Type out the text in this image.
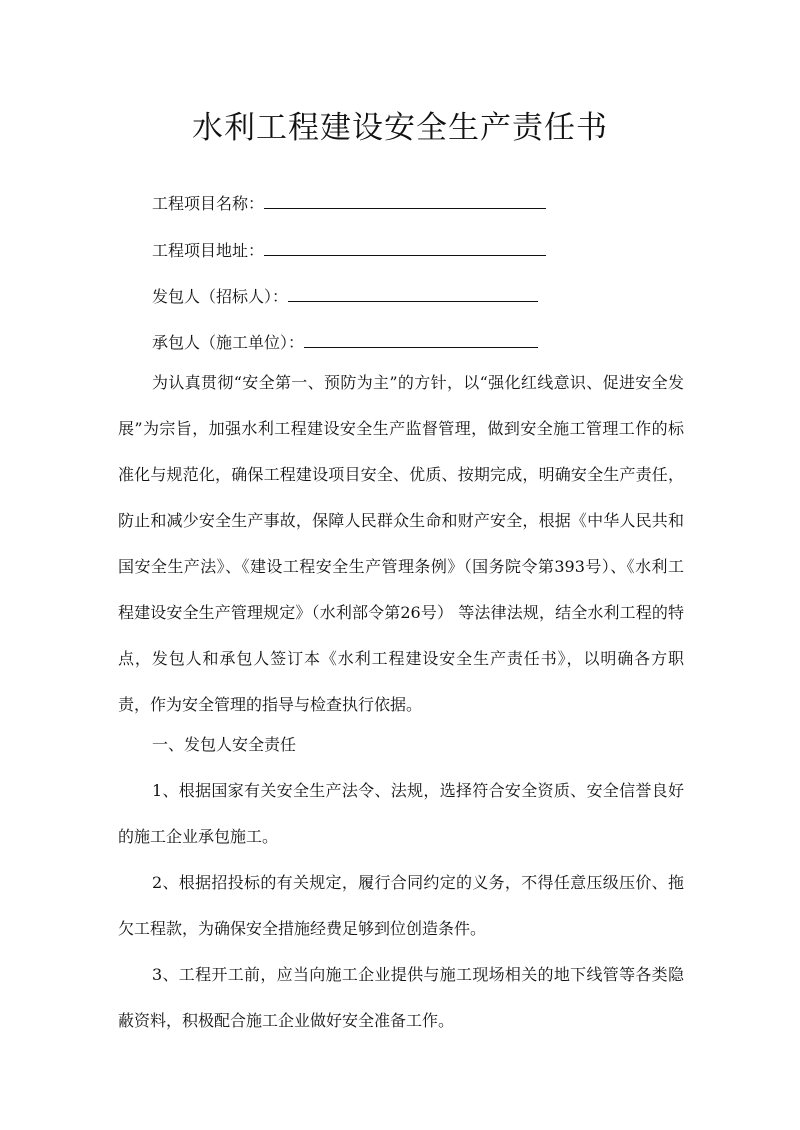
水利工程建设安全生产责任书
工程项目名称：
工程项目地址：
发包人（招标人）：
承包人（施工单位）：

为认真贯彻“安全第一、预防为主”的方针，以“强化红线意识、促进安全发展”为宗旨，加强水利工程建设安全生产监督管理，做到安全施工管理工作的标准化与规范化，确保工程建设项目安全、优质、按期完成，明确安全生产责任，防止和减少安全生产事故，保障人民群众生命和财产安全，根据《中华人民共和国安全生产法》、《建设工程安全生产管理条例》（国务院令第393号）、《水利工程建设安全生产管理规定》（水利部令第26号） 等法律法规，结全水利工程的特点，发包人和承包人签订本《水利工程建设安全生产责任书》，以明确各方职责，作为安全管理的指导与检查执行依据。

一、发包人安全责任

1、根据国家有关安全生产法令、法规，选择符合安全资质、安全信誉良好的施工企业承包施工。

2、根据招投标的有关规定，履行合同约定的义务，不得任意压级压价、拖欠工程款，为确保安全措施经费足够到位创造条件。

3、工程开工前，应当向施工企业提供与施工现场相关的地下线管等各类隐蔽资料，积极配合施工企业做好安全准备工作。
